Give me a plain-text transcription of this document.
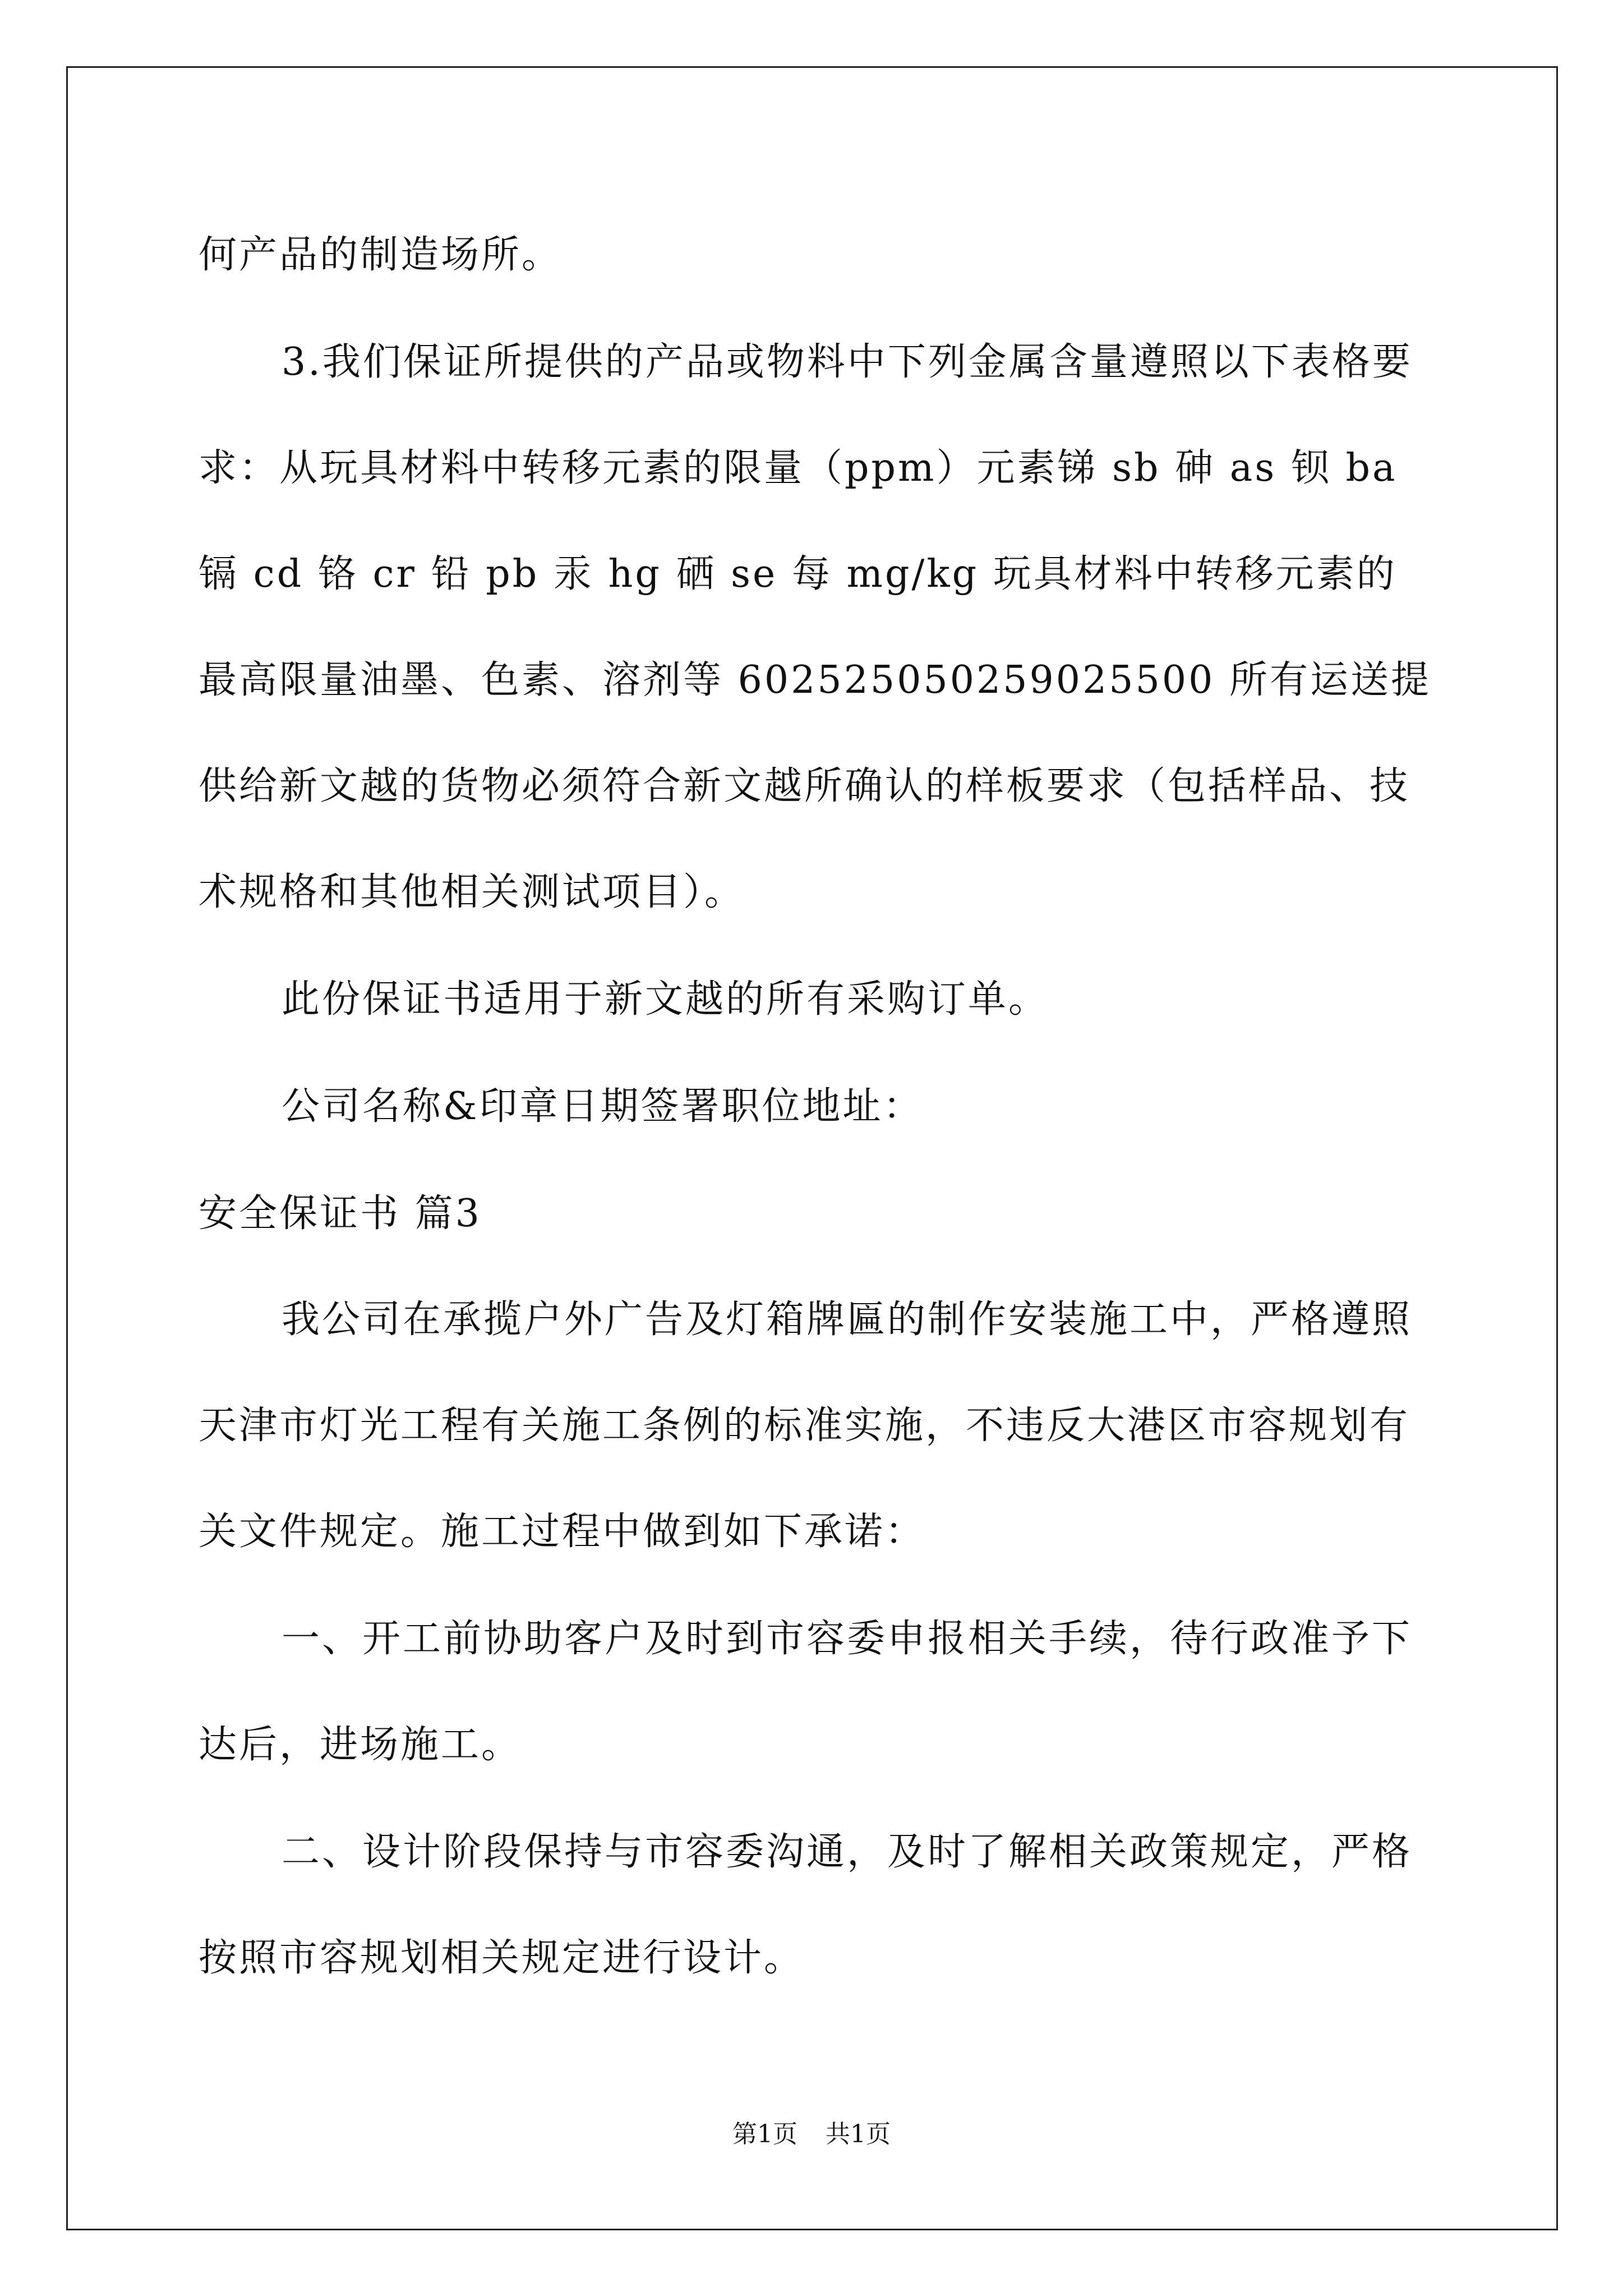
何产品的制造场所。

3.我们保证所提供的产品或物料中下列金属含量遵照以下表格要求：从玩具材料中转移元素的限量（ppm）元素锑 sb 砷 as 钡 ba 镉 cd 铬 cr 铅 pb 汞 hg 硒 se 每 mg/kg 玩具材料中转移元素的最高限量油墨、色素、溶剂等 602525050259025500 所有运送提供给新文越的货物必须符合新文越所确认的样板要求（包括样品、技术规格和其他相关测试项目）。

此份保证书适用于新文越的所有采购订单。

公司名称&印章日期签署职位地址：

安全保证书 篇3

我公司在承揽户外广告及灯箱牌匾的制作安装施工中，严格遵照天津市灯光工程有关施工条例的标准实施，不违反大港区市容规划有关文件规定。施工过程中做到如下承诺：

一、开工前协助客户及时到市容委申报相关手续，待行政准予下达后，进场施工。

二、设计阶段保持与市容委沟通，及时了解相关政策规定，严格按照市容规划相关规定进行设计。

第1页 共1页
